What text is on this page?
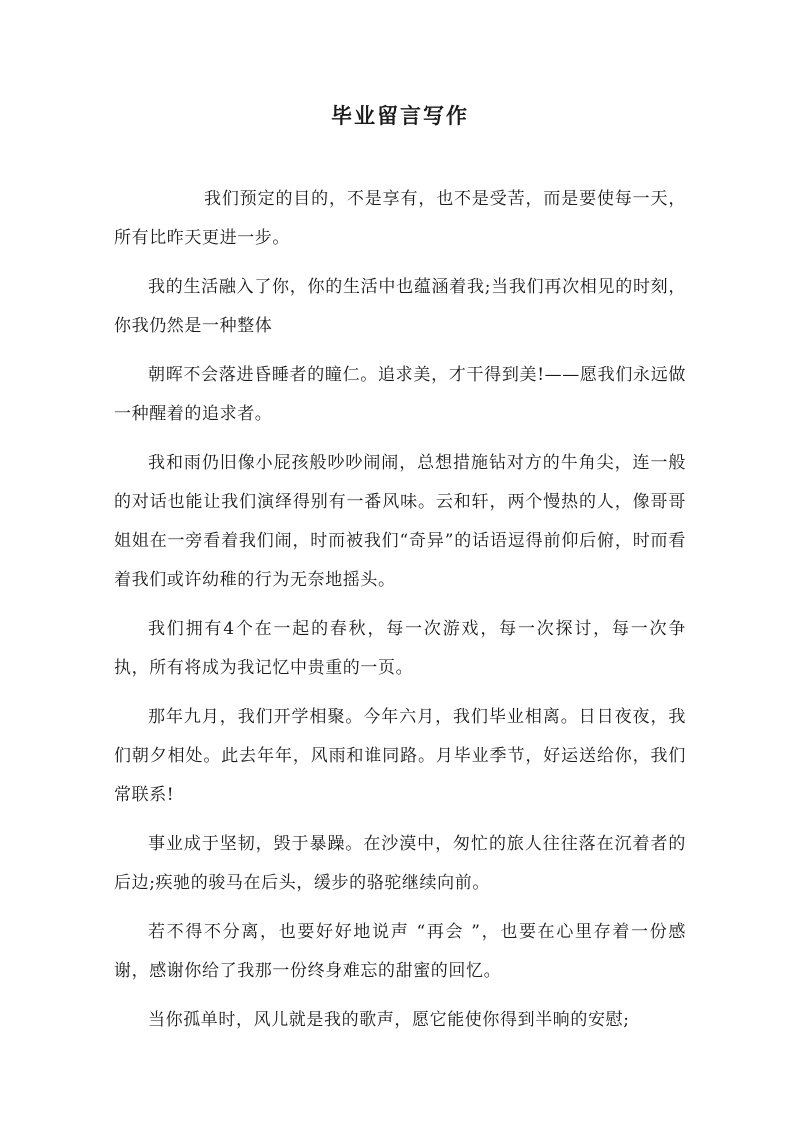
毕业留言写作

我们预定的目的，不是享有，也不是受苦，而是要使每一天，所有比昨天更进一步。

我的生活融入了你，你的生活中也蕴涵着我;当我们再次相见的时刻，你我仍然是一种整体

朝晖不会落进昏睡者的瞳仁。追求美，才干得到美!——愿我们永远做一种醒着的追求者。

我和雨仍旧像小屁孩般吵吵闹闹，总想措施钻对方的牛角尖，连一般的对话也能让我们演绎得别有一番风味。云和轩，两个慢热的人，像哥哥姐姐在一旁看着我们闹，时而被我们“奇异”的话语逗得前仰后俯，时而看着我们或许幼稚的行为无奈地摇头。

我们拥有4个在一起的春秋，每一次游戏，每一次探讨，每一次争执，所有将成为我记忆中贵重的一页。

那年九月，我们开学相聚。今年六月，我们毕业相离。日日夜夜，我们朝夕相处。此去年年，风雨和谁同路。月毕业季节，好运送给你，我们常联系!

事业成于坚韧，毁于暴躁。在沙漠中，匆忙的旅人往往落在沉着者的后边;疾驰的骏马在后头，缓步的骆驼继续向前。

若不得不分离，也要好好地说声 “再会 ”，也要在心里存着一份感谢，感谢你给了我那一份终身难忘的甜蜜的回忆。

当你孤单时，风儿就是我的歌声，愿它能使你得到半晌的安慰;
